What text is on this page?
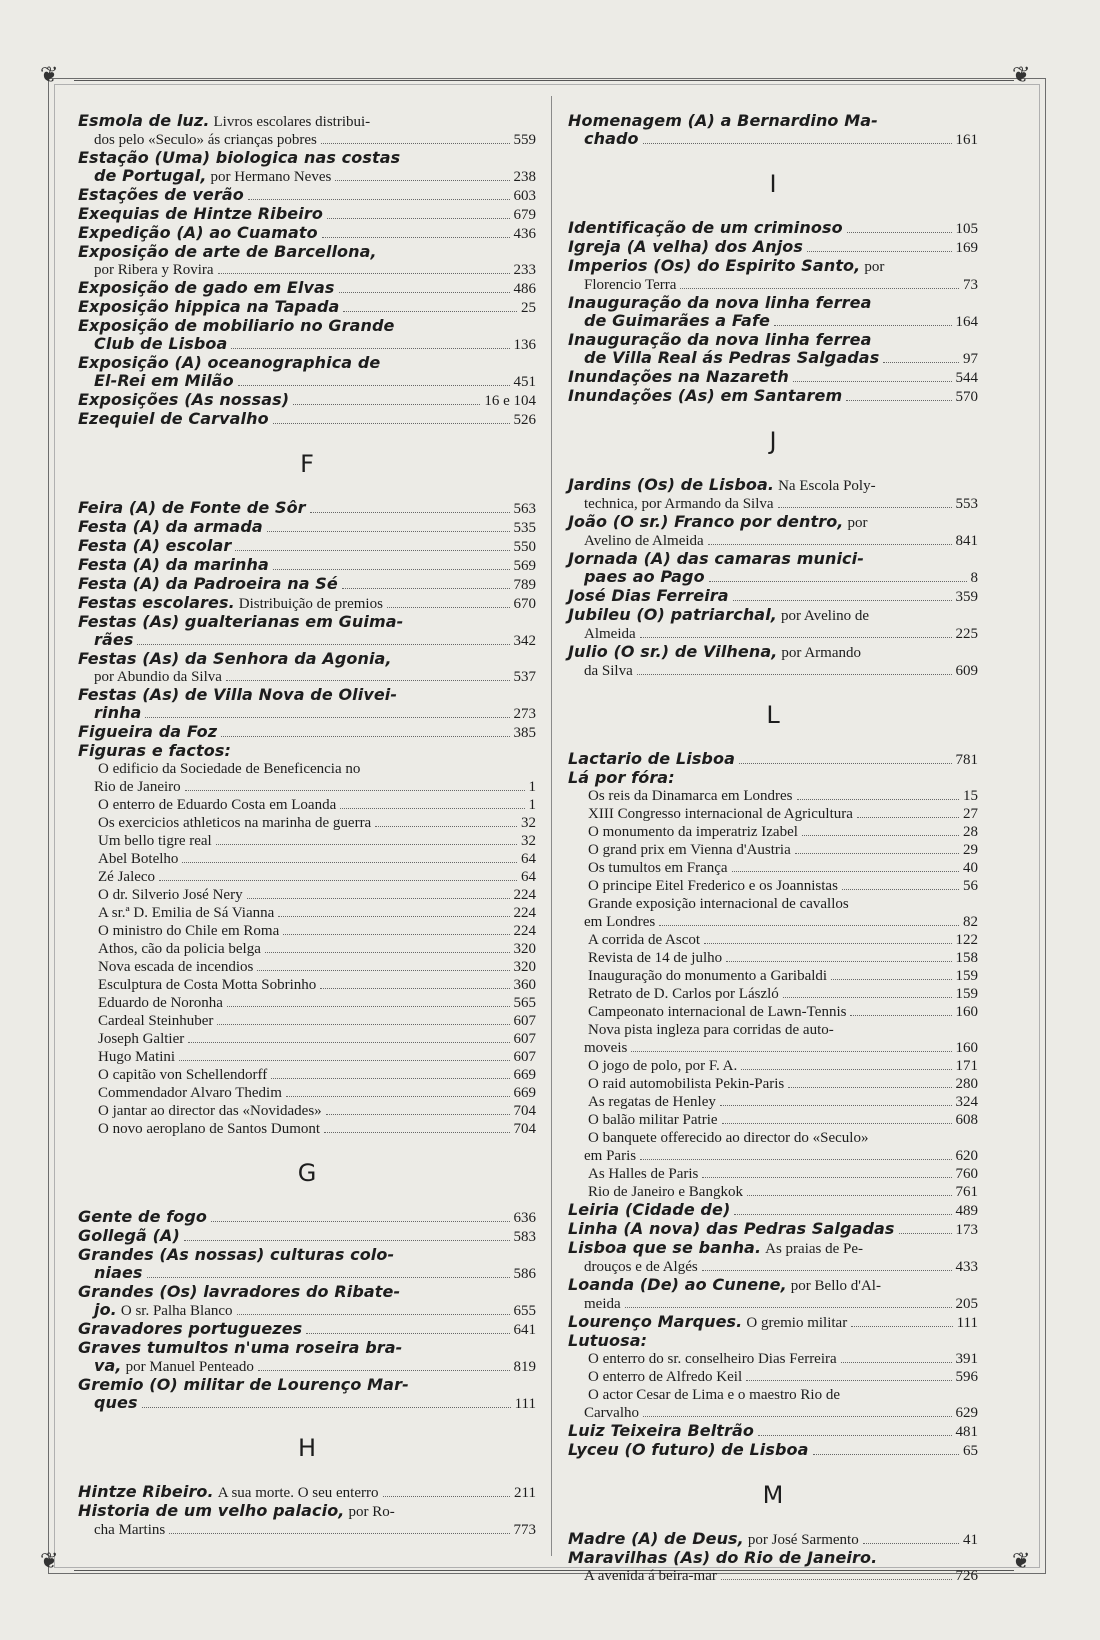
❦	❦
❦	❦
Esmola de luz. Livros escolares distribui-
dos pelo «Seculo» ás crianças pobres	559
Estação (Uma) biologica nas costas
de Portugal, por Hermano Neves	238
Estações de verão	603
Exequias de Hintze Ribeiro	679
Expedição (A) ao Cuamato	436
Exposição de arte de Barcellona,
por Ribera y Rovira	233
Exposição de gado em Elvas	486
Exposição hippica na Tapada	25
Exposição de mobiliario no Grande
Club de Lisboa	136
Exposição (A) oceanographica de
El-Rei em Milão	451
Exposições (As nossas)	16 e 104
Ezequiel de Carvalho	526
F
Feira (A) de Fonte de Sôr	563
Festa (A) da armada	535
Festa (A) escolar	550
Festa (A) da marinha	569
Festa (A) da Padroeira na Sé	789
Festas escolares. Distribuição de premios	670
Festas (As) gualterianas em Guima-
rães	342
Festas (As) da Senhora da Agonia,
por Abundio da Silva	537
Festas (As) de Villa Nova de Olivei-
rinha	273
Figueira da Foz	385
Figuras e factos:
O edificio da Sociedade de Beneficencia no
Rio de Janeiro	1
O enterro de Eduardo Costa em Loanda	1
Os exercicios athleticos na marinha de guerra	32
Um bello tigre real	32
Abel Botelho	64
Zé Jaleco	64
O dr. Silverio José Nery	224
A sr.ª D. Emilia de Sá Vianna	224
O ministro do Chile em Roma	224
Athos, cão da policia belga	320
Nova escada de incendios	320
Esculptura de Costa Motta Sobrinho	360
Eduardo de Noronha	565
Cardeal Steinhuber	607
Joseph Galtier	607
Hugo Matini	607
O capitão von Schellendorff	669
Commendador Alvaro Thedim	669
O jantar ao director das «Novidades»	704
O novo aeroplano de Santos Dumont	704
G
Gente de fogo	636
Gollegã (A)	583
Grandes (As nossas) culturas colo-
niaes	586
Grandes (Os) lavradores do Ribate-
jo. O sr. Palha Blanco	655
Gravadores portuguezes	641
Graves tumultos n'uma roseira bra-
va, por Manuel Penteado	819
Gremio (O) militar de Lourenço Mar-
ques	111
H
Hintze Ribeiro. A sua morte. O seu enterro	211
Historia de um velho palacio, por Ro-
cha Martins	773
Homenagem (A) a Bernardino Ma-
chado	161
I
Identificação de um criminoso	105
Igreja (A velha) dos Anjos	169
Imperios (Os) do Espirito Santo, por
Florencio Terra	73
Inauguração da nova linha ferrea
de Guimarães a Fafe	164
Inauguração da nova linha ferrea
de Villa Real ás Pedras Salgadas	97
Inundações na Nazareth	544
Inundações (As) em Santarem	570
J
Jardins (Os) de Lisboa. Na Escola Poly-
technica, por Armando da Silva	553
João (O sr.) Franco por dentro, por
Avelino de Almeida	841
Jornada (A) das camaras munici-
paes ao Pago	8
José Dias Ferreira	359
Jubileu (O) patriarchal, por Avelino de
Almeida	225
Julio (O sr.) de Vilhena, por Armando
da Silva	609
L
Lactario de Lisboa	781
Lá por fóra:
Os reis da Dinamarca em Londres	15
XIII Congresso internacional de Agricultura	27
O monumento da imperatriz Izabel	28
O grand prix em Vienna d'Austria	29
Os tumultos em França	40
O principe Eitel Frederico e os Joannistas	56
Grande exposição internacional de cavallos
em Londres	82
A corrida de Ascot	122
Revista de 14 de julho	158
Inauguração do monumento a Garibaldi	159
Retrato de D. Carlos por László	159
Campeonato internacional de Lawn-Tennis	160
Nova pista ingleza para corridas de auto-
moveis	160
O jogo de polo, por F. A.	171
O raid automobilista Pekin-Paris	280
As regatas de Henley	324
O balão militar Patrie	608
O banquete offerecido ao director do «Seculo»
em Paris	620
As Halles de Paris	760
Rio de Janeiro e Bangkok	761
Leiria (Cidade de)	489
Linha (A nova) das Pedras Salgadas	173
Lisboa que se banha. As praias de Pe-
drouços e de Algés	433
Loanda (De) ao Cunene, por Bello d'Al-
meida	205
Lourenço Marques. O gremio militar	111
Lutuosa:
O enterro do sr. conselheiro Dias Ferreira	391
O enterro de Alfredo Keil	596
O actor Cesar de Lima e o maestro Rio de
Carvalho	629
Luiz Teixeira Beltrão	481
Lyceu (O futuro) de Lisboa	65
M
Madre (A) de Deus, por José Sarmento	41
Maravilhas (As) do Rio de Janeiro.
A avenida á beira-mar	726
